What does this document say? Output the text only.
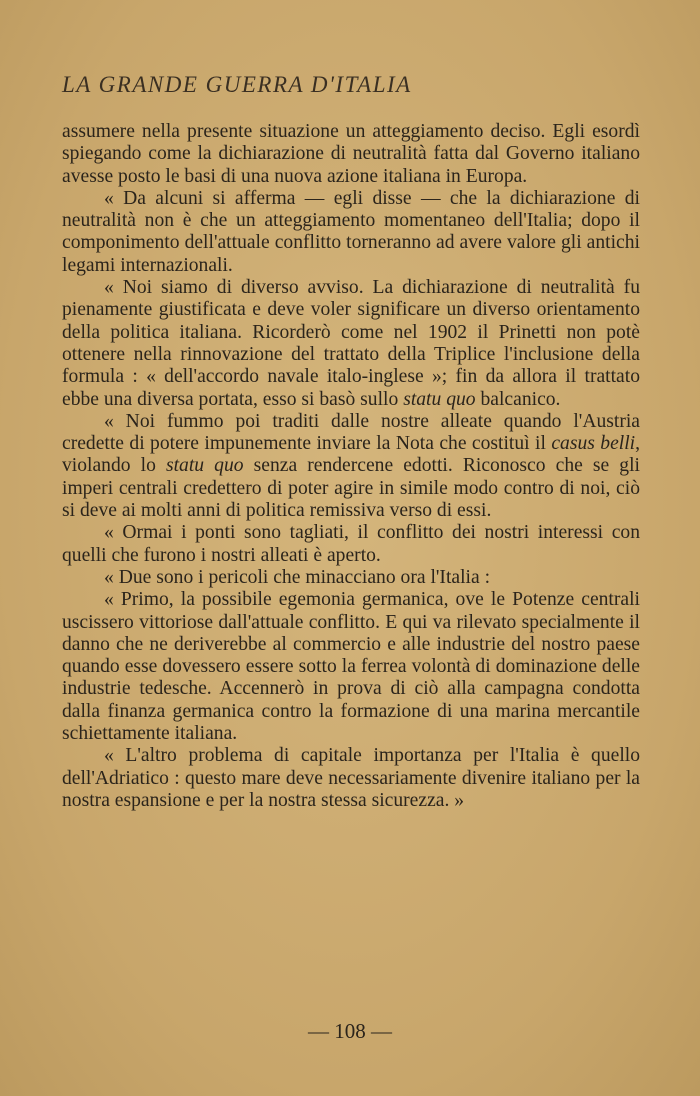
LA GRANDE GUERRA D'ITALIA

assumere nella presente situazione un atteggiamento deciso. Egli esordì spiegando come la dichiarazione di neutralità fatta dal Governo italiano avesse posto le basi di una nuova azione italiana in Europa.

« Da alcuni si afferma — egli disse — che la dichiarazione di neutralità non è che un atteggiamento momentaneo dell'Italia; dopo il componimento dell'attuale conflitto torneranno ad avere valore gli antichi legami internazionali.

« Noi siamo di diverso avviso. La dichiarazione di neutralità fu pienamente giustificata e deve voler significare un diverso orientamento della politica italiana. Ricorderò come nel 1902 il Prinetti non potè ottenere nella rinnovazione del trattato della Triplice l'inclusione della formula : « dell'accordo navale italo-inglese »; fin da allora il trattato ebbe una diversa portata, esso si basò sullo statu quo balcanico.

« Noi fummo poi traditi dalle nostre alleate quando l'Austria credette di potere impunemente inviare la Nota che costituì il casus belli, violando lo statu quo senza rendercene edotti. Riconosco che se gli imperi centrali credettero di poter agire in simile modo contro di noi, ciò si deve ai molti anni di politica remissiva verso di essi.

« Ormai i ponti sono tagliati, il conflitto dei nostri interessi con quelli che furono i nostri alleati è aperto.

« Due sono i pericoli che minacciano ora l'Italia :

« Primo, la possibile egemonia germanica, ove le Potenze centrali uscissero vittoriose dall'attuale conflitto. E qui va rilevato specialmente il danno che ne deriverebbe al commercio e alle industrie del nostro paese quando esse dovessero essere sotto la ferrea volontà di dominazione delle industrie tedesche. Accennerò in prova di ciò alla campagna condotta dalla finanza germanica contro la formazione di una marina mercantile schiettamente italiana.

« L'altro problema di capitale importanza per l'Italia è quello dell'Adriatico : questo mare deve necessariamente divenire italiano per la nostra espansione e per la nostra stessa sicurezza. »

— 108 —
